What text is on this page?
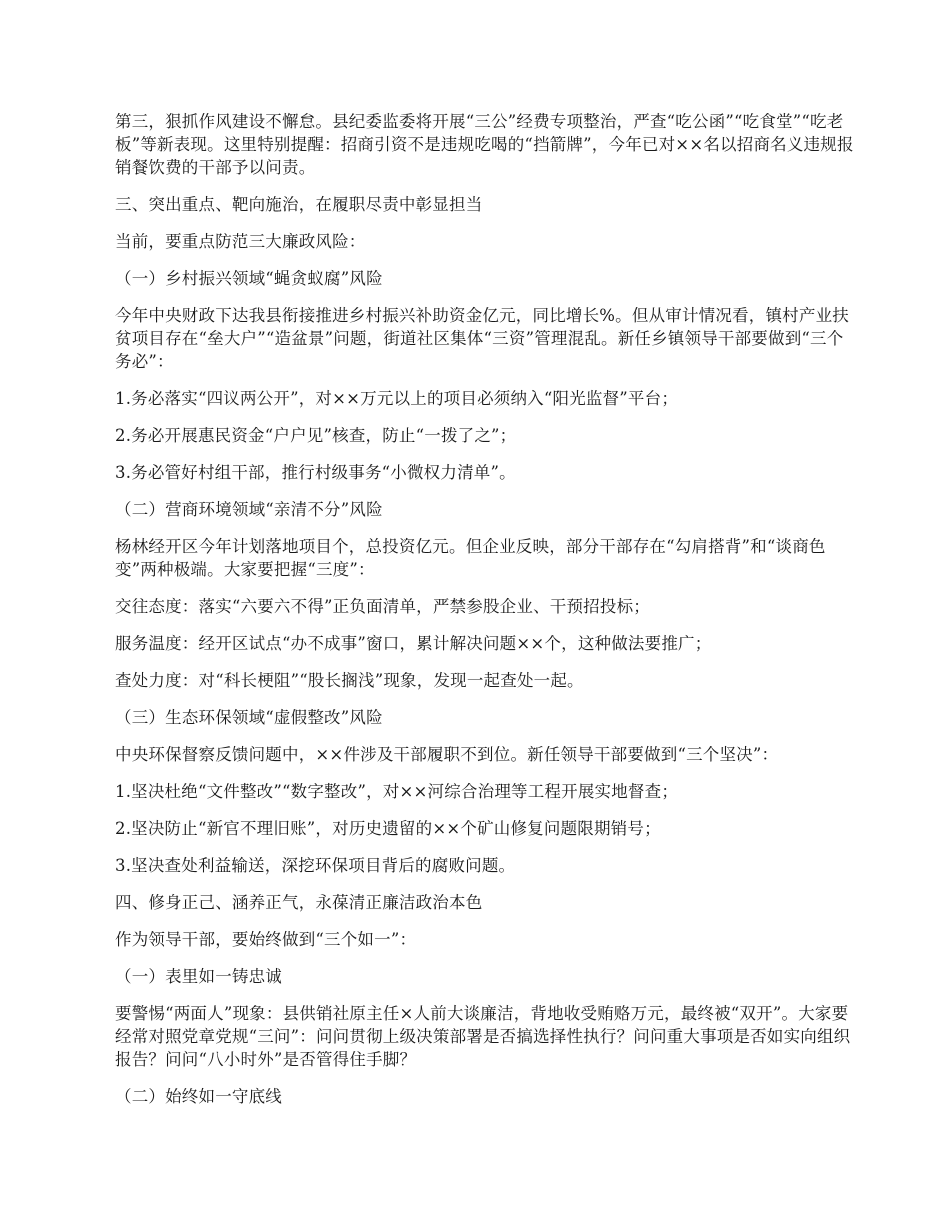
第三，狠抓作风建设不懈怠。县纪委监委将开展“三公”经费专项整治，严查“吃公函”“吃食堂”“吃老板”等新表现。这里特别提醒：招商引资不是违规吃喝的“挡箭牌”，今年已对××名以招商名义违规报销餐饮费的干部予以问责。

三、突出重点、靶向施治，在履职尽责中彰显担当

当前，要重点防范三大廉政风险：

（一）乡村振兴领域“蝇贪蚁腐”风险

今年中央财政下达我县衔接推进乡村振兴补助资金亿元，同比增长%。但从审计情况看，镇村产业扶贫项目存在“垒大户”“造盆景”问题，街道社区集体“三资”管理混乱。新任乡镇领导干部要做到“三个务必”：

1.务必落实“四议两公开”，对××万元以上的项目必须纳入“阳光监督”平台；

2.务必开展惠民资金“户户见”核查，防止“一拨了之”；

3.务必管好村组干部，推行村级事务“小微权力清单”。

（二）营商环境领域“亲清不分”风险

杨林经开区今年计划落地项目个，总投资亿元。但企业反映，部分干部存在“勾肩搭背”和“谈商色变”两种极端。大家要把握“三度”：

交往态度：落实“六要六不得”正负面清单，严禁参股企业、干预招投标；

服务温度：经开区试点“办不成事”窗口，累计解决问题××个，这种做法要推广；

查处力度：对“科长梗阻”“股长搁浅”现象，发现一起查处一起。

（三）生态环保领域“虚假整改”风险

中央环保督察反馈问题中，××件涉及干部履职不到位。新任领导干部要做到“三个坚决”：

1.坚决杜绝“文件整改”“数字整改”，对××河综合治理等工程开展实地督查；

2.坚决防止“新官不理旧账”，对历史遗留的××个矿山修复问题限期销号；

3.坚决查处利益输送，深挖环保项目背后的腐败问题。

四、修身正己、涵养正气，永葆清正廉洁政治本色

作为领导干部，要始终做到“三个如一”：

（一）表里如一铸忠诚

要警惕“两面人”现象：县供销社原主任×人前大谈廉洁，背地收受贿赂万元，最终被“双开”。大家要经常对照党章党规“三问”：问问贯彻上级决策部署是否搞选择性执行？问问重大事项是否如实向组织报告？问问“八小时外”是否管得住手脚？

（二）始终如一守底线
